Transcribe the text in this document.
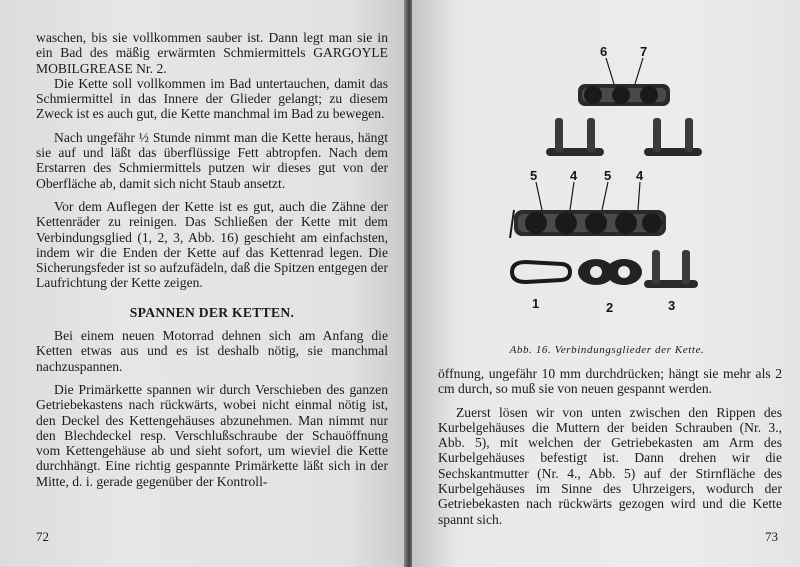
waschen, bis sie vollkommen sauber ist. Dann legt man sie in ein Bad des mäßig erwärmten Schmiermittels GARGOYLE MOBILGREASE Nr. 2.

Die Kette soll vollkommen im Bad untertauchen, damit das Schmiermittel in das Innere der Glieder gelangt; zu diesem Zweck ist es auch gut, die Kette manchmal im Bad zu bewegen.

Nach ungefähr ½ Stunde nimmt man die Kette heraus, hängt sie auf und läßt das überflüssige Fett abtropfen. Nach dem Erstarren des Schmiermittels putzen wir dieses gut von der Oberfläche ab, damit sich nicht Staub ansetzt.

Vor dem Auflegen der Kette ist es gut, auch die Zähne der Kettenräder zu reinigen. Das Schließen der Kette mit dem Verbindungsglied (1, 2, 3, Abb. 16) geschieht am einfachsten, indem wir die Enden der Kette auf das Kettenrad legen. Die Sicherungsfeder ist so aufzufädeln, daß die Spitzen entgegen der Laufrichtung der Kette zeigen.

SPANNEN DER KETTEN.

Bei einem neuen Motorrad dehnen sich am Anfang die Ketten etwas aus und es ist deshalb nötig, sie manchmal nachzuspannen.

Die Primärkette spannen wir durch Verschieben des ganzen Getriebekastens nach rückwärts, wobei nicht einmal nötig ist, den Deckel des Kettengehäuses abzunehmen. Man nimmt nur den Blechdeckel resp. Verschlußschraube der Schauöffnung vom Kettengehäuse ab und sieht sofort, um wieviel die Kette durchhängt. Eine richtig gespannte Primärkette läßt sich in der Mitte, d. i. gerade gegenüber der Kontroll-

72
6	7
5	4 5 4
1	2	3
Abb. 16. Verbindungsglieder der Kette.

öffnung, ungefähr 10 mm durchdrücken; hängt sie mehr als 2 cm durch, so muß sie von neuen gespannt werden.

Zuerst lösen wir von unten zwischen den Rippen des Kurbelgehäuses die Muttern der beiden Schrauben (Nr. 3., Abb. 5), mit welchen der Getriebekasten am Arm des Kurbelgehäuses befestigt ist. Dann drehen wir die Sechskantmutter (Nr. 4., Abb. 5) auf der Stirnfläche des Kurbelgehäuses im Sinne des Uhrzeigers, wodurch der Getriebekasten nach rückwärts gezogen wird und die Kette spannt sich.

73
